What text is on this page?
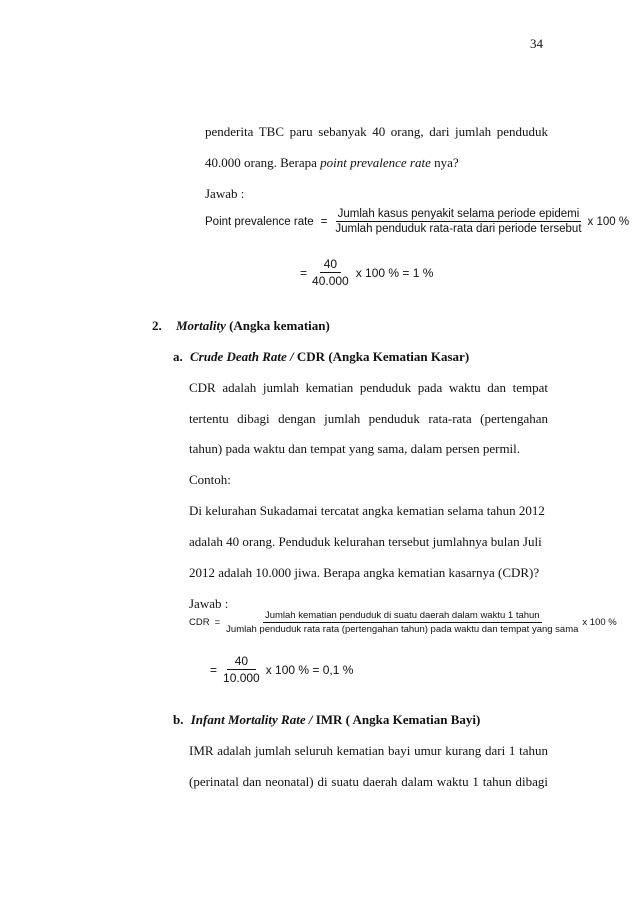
34
penderita TBC paru sebanyak 40 orang, dari jumlah penduduk
40.000 orang. Berapa point prevalence rate nya?
Jawab :
Point prevalence rate = $\frac{\text{Jumlah kasus penyakit selama periode epidemi}}{\text{Jumlah penduduk rata-rata dari periode tersebut}}$ x 100 %
= $\frac{40}{40.000}$ x 100 % = 1 %
2. Mortality (Angka kematian)
a. Crude Death Rate / CDR (Angka Kematian Kasar)
CDR adalah jumlah kematian penduduk pada waktu dan tempat
tertentu dibagi dengan jumlah penduduk rata-rata (pertengahan
tahun) pada waktu dan tempat yang sama, dalam persen permil.
Contoh:
Di kelurahan Sukadamai tercatat angka kematian selama tahun 2012
adalah 40 orang. Penduduk kelurahan tersebut jumlahnya bulan Juli
2012 adalah 10.000 jiwa. Berapa angka kematian kasarnya (CDR)?
Jawab :
CDR =
Jumlah kematian penduduk di suatu daerah dalam waktu 1 tahun
Jumlah penduduk rata rata (pertengahan tahun) pada waktu dan tempat yang sama
x 100 %
= $\frac{40}{10.000}$ x 100 % = 0,1 %
b. Infant Mortality Rate / IMR ( Angka Kematian Bayi)
IMR adalah jumlah seluruh kematian bayi umur kurang dari 1 tahun
(perinatal dan neonatal) di suatu daerah dalam waktu 1 tahun dibagi
